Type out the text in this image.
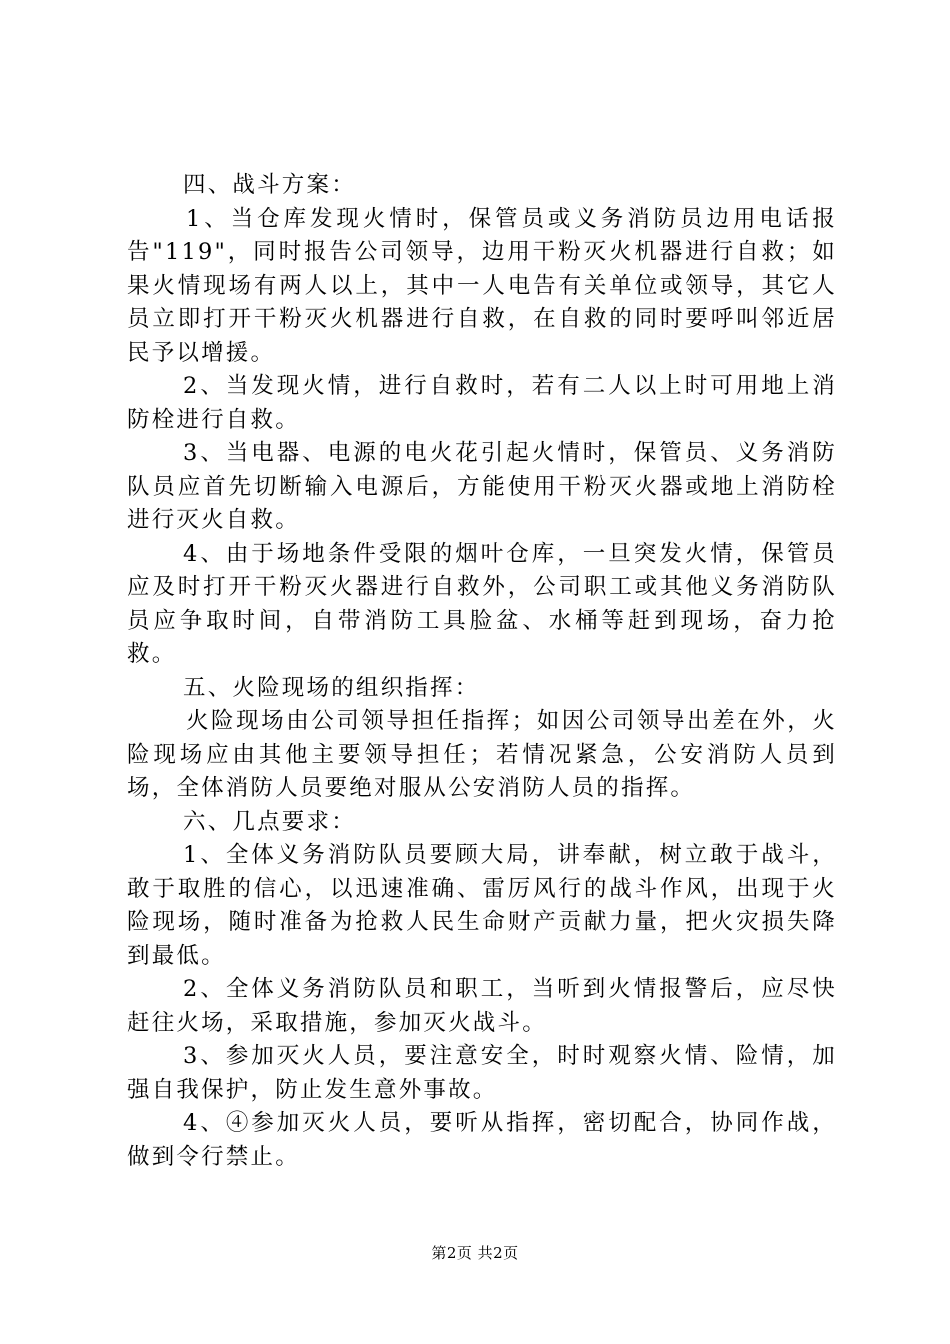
四、战斗方案：

1、当仓库发现火情时，保管员或义务消防员边用电话报告"119"，同时报告公司领导，边用干粉灭火机器进行自救；如果火情现场有两人以上，其中一人电告有关单位或领导，其它人员立即打开干粉灭火机器进行自救，在自救的同时要呼叫邻近居民予以增援。

2、当发现火情，进行自救时，若有二人以上时可用地上消防栓进行自救。

3、当电器、电源的电火花引起火情时，保管员、义务消防队员应首先切断输入电源后，方能使用干粉灭火器或地上消防栓进行灭火自救。

4、由于场地条件受限的烟叶仓库，一旦突发火情，保管员应及时打开干粉灭火器进行自救外，公司职工或其他义务消防队员应争取时间，自带消防工具脸盆、水桶等赶到现场，奋力抢救。

五、火险现场的组织指挥：

火险现场由公司领导担任指挥；如因公司领导出差在外，火险现场应由其他主要领导担任；若情况紧急，公安消防人员到场，全体消防人员要绝对服从公安消防人员的指挥。

六、几点要求：

1、全体义务消防队员要顾大局，讲奉献，树立敢于战斗，敢于取胜的信心，以迅速准确、雷厉风行的战斗作风，出现于火险现场，随时准备为抢救人民生命财产贡献力量，把火灾损失降到最低。

2、全体义务消防队员和职工，当听到火情报警后，应尽快赶往火场，采取措施，参加灭火战斗。

3、参加灭火人员，要注意安全，时时观察火情、险情，加强自我保护，防止发生意外事故。

4、④参加灭火人员，要听从指挥，密切配合，协同作战，做到令行禁止。

第2页 共2页
